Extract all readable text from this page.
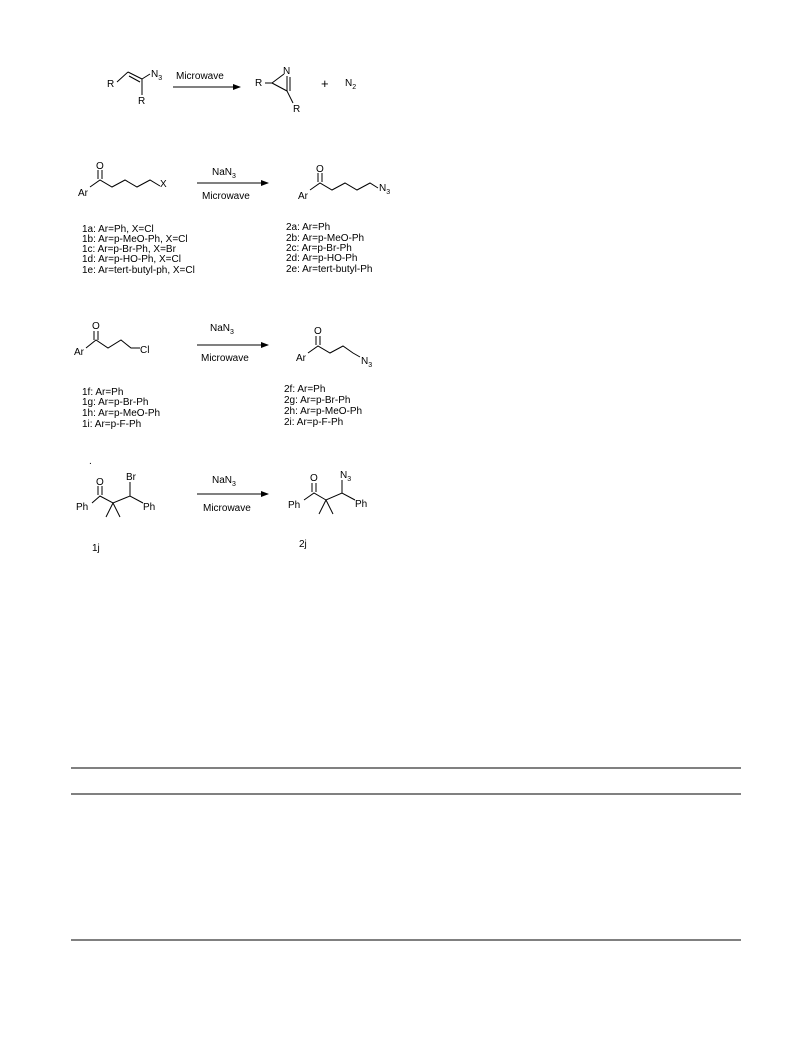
R
R
$N_3$ Microwave
R
N
R
+ $N_2$
O
Ar
X
NaN$_3$
Microwave
O
Ar
$N_3$
1a: Ar=Ph, X=Cl
1b: Ar=p-MeO-Ph, X=Cl
1c: Ar=p-Br-Ph, X=Br
1d: Ar=p-HO-Ph, X=Cl
1e: Ar=tert-butyl-ph, X=Cl
2a: Ar=Ph
2b: Ar=p-MeO-Ph
2c: Ar=p-Br-Ph
2d: Ar=p-HO-Ph
2e: Ar=tert-butyl-Ph
O
Ar	Cl
NaN$_3$
Microwave
O
Ar	$N_3$
1f: Ar=Ph
1g: Ar=p-Br-Ph
1h: Ar=p-MeO-Ph
1i: Ar=p-F-Ph
2f: Ar=Ph
2g: Ar=p-Br-Ph
2h: Ar=p-MeO-Ph
2i: Ar=p-F-Ph
.
O Br
Ph	Ph
1j
NaN$_3$
Microwave
O $N_3$
Ph	Ph
2j
